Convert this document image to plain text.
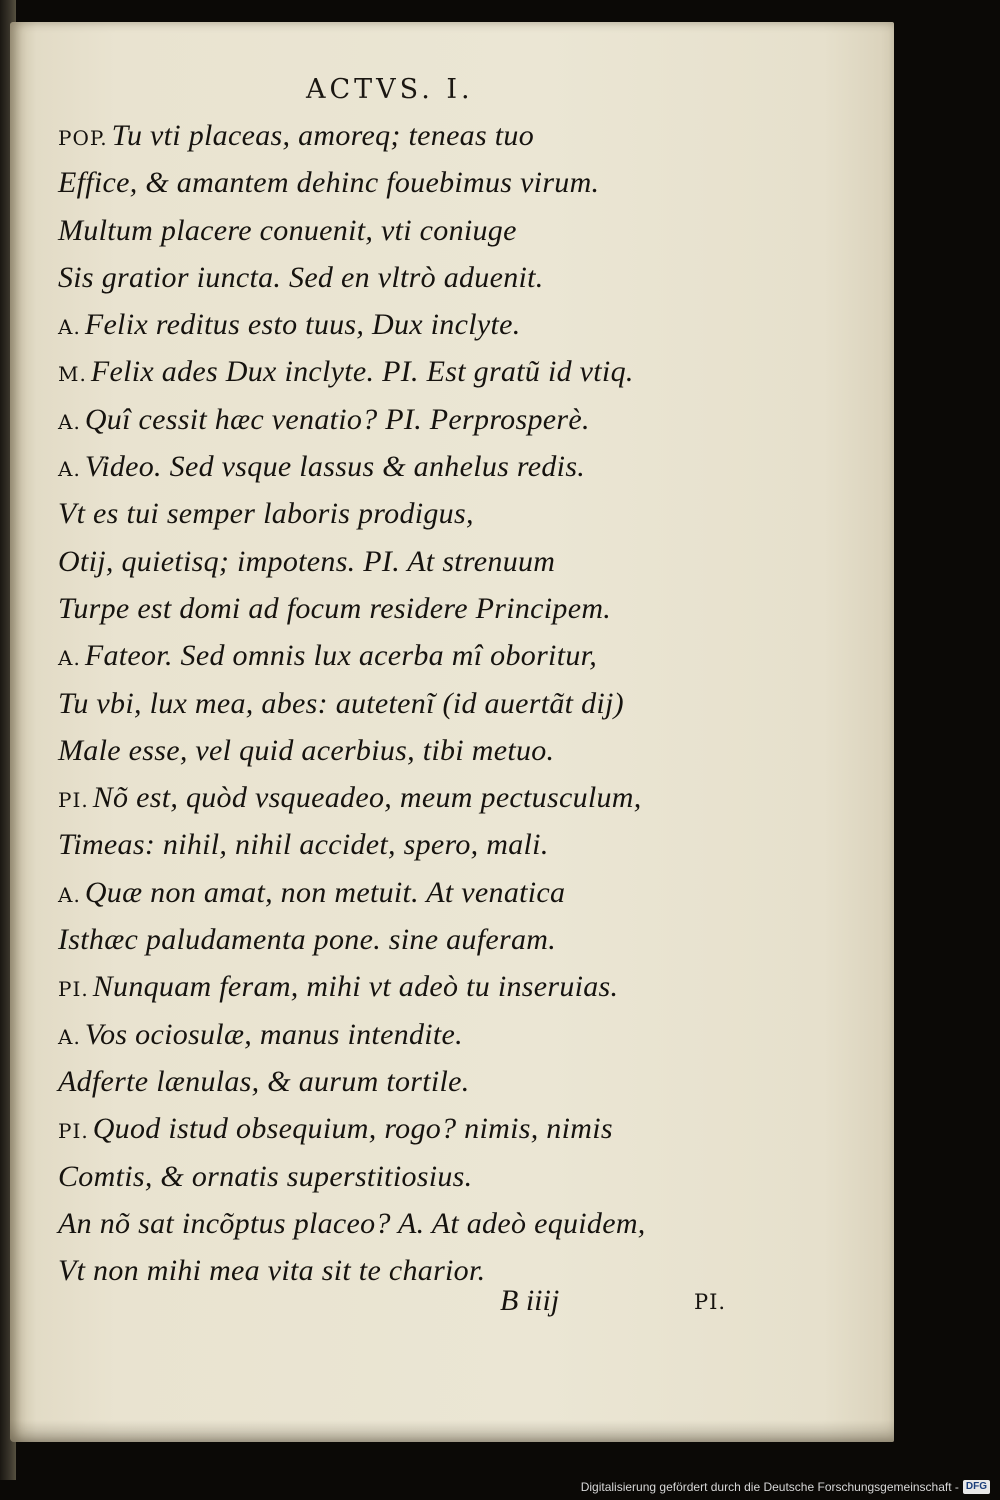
ACTVS. I.
POP. Tu vti placeas, amoreq; teneas tuo
Effice, & amantem dehinc fouebimus virum.
Multum placere conuenit, vti coniuge
Sis gratior iuncta. Sed en vltrò aduenit.
A. Felix reditus esto tuus, Dux inclyte.
M. Felix ades Dux inclyte. PI. Est gratũ id vtiq.
A. Quî cessit hæc venatio? PI. Perprosperè.
A. Video. Sed vsque lassus & anhelus redis.
Vt es tui semper laboris prodigus,
Otij, quietisq; impotens. PI. At strenuum
Turpe est domi ad focum residere Principem.
A. Fateor. Sed omnis lux acerba mî oboritur,
Tu vbi, lux mea, abes: autetenĩ (id auertãt dij)
Male esse, vel quid acerbius, tibi metuo.
PI. Nõ est, quòd vsqueadeo, meum pectusculum,
Timeas: nihil, nihil accidet, spero, mali.
A. Quæ non amat, non metuit. At venatica
Isthæc paludamenta pone. sine auferam.
PI. Nunquam feram, mihi vt adeò tu inseruias.
A. Vos ociosulæ, manus intendite.
Adferte lænulas, & aurum tortile.
PI. Quod istud obsequium, rogo? nimis, nimis
Comtis, & ornatis superstitiosius.
An nõ sat incõptus placeo? A. At adeò equidem,
Vt non mihi mea vita sit te charior.
B iiij	PI.
Digitalisierung gefördert durch die Deutsche Forschungsgemeinschaft - DFG
